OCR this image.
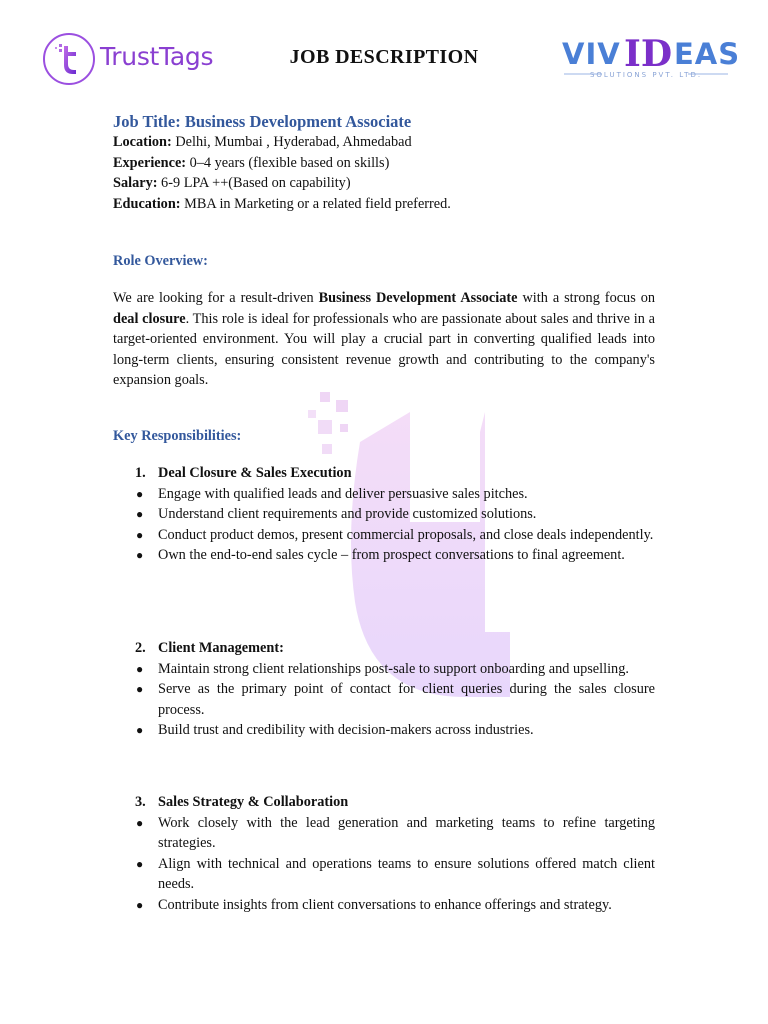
TrustTags	JOB DESCRIPTION	VIV ID EAS
SOLUTIONS PVT. LTD.
Job Title: Business Development Associate
Location: Delhi, Mumbai , Hyderabad, Ahmedabad
Experience: 0–4 years (flexible based on skills)
Salary: 6-9 LPA ++(Based on capability)
Education: MBA in Marketing or a related field preferred.
Role Overview:

We are looking for a result-driven Business Development Associate with a strong focus on deal closure. This role is ideal for professionals who are passionate about sales and thrive in a target-oriented environment. You will play a crucial part in converting qualified leads into long-term clients, ensuring consistent revenue growth and contributing to the company's expansion goals.

Key Responsibilities:
1. Deal Closure & Sales Execution
● Engage with qualified leads and deliver persuasive sales pitches.
● Understand client requirements and provide customized solutions.
● Conduct product demos, present commercial proposals, and close deals independently.
● Own the end-to-end sales cycle – from prospect conversations to final agreement.
2. Client Management:
● Maintain strong client relationships post-sale to support onboarding and upselling.
● Serve as the primary point of contact for client queries during the sales closure process.
● Build trust and credibility with decision-makers across industries.
3. Sales Strategy & Collaboration
● Work closely with the lead generation and marketing teams to refine targeting strategies.
● Align with technical and operations teams to ensure solutions offered match client needs.
● Contribute insights from client conversations to enhance offerings and strategy.
